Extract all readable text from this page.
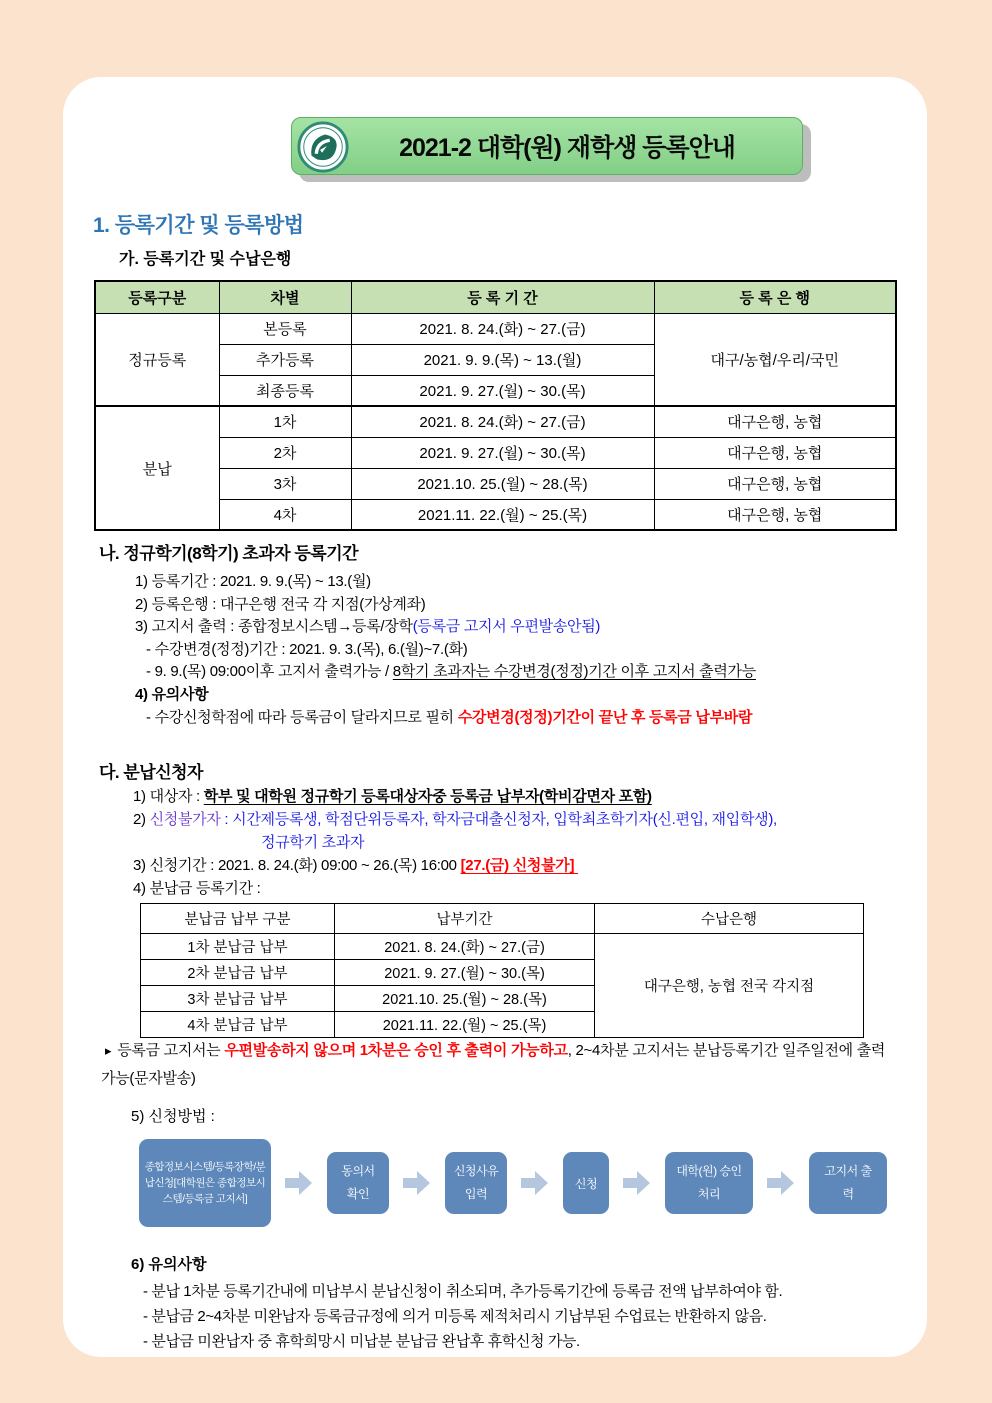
2021-2 대학(원) 재학생 등록안내
1. 등록기간 및 등록방법
가. 등록기간 및 수납은행
등록구분	차별	등 록 기 간	등 록 은 행
정규등록	본등록	2021. 8. 24.(화) ~ 27.(금)	대구/농협/우리/국민
	추가등록	2021. 9. 9.(목) ~ 13.(월)	
	최종등록	2021. 9. 27.(월) ~ 30.(목)	
분납	1차	2021. 8. 24.(화) ~ 27.(금)	대구은행, 농협
	2차	2021. 9. 27.(월) ~ 30.(목)	대구은행, 농협
	3차	2021.10. 25.(월) ~ 28.(목)	대구은행, 농협
	4차	2021.11. 22.(월) ~ 25.(목)	대구은행, 농협
나. 정규학기(8학기) 초과자 등록기간
1) 등록기간 : 2021. 9. 9.(목) ~ 13.(월)
2) 등록은행 : 대구은행 전국 각 지점(가상계좌)
3) 고지서 출력 : 종합정보시스템→등록/장학(등록금 고지서 우편발송안됨)
- 수강변경(정정)기간 : 2021. 9. 3.(목), 6.(월)~7.(화)
- 9. 9.(목) 09:00이후 고지서 출력가능 / 8학기 초과자는 수강변경(정정)기간 이후 고지서 출력가능
4) 유의사항
- 수강신청학점에 따라 등록금이 달라지므로 필히 수강변경(정정)기간이 끝난 후 등록금 납부바람
다. 분납신청자
1) 대상자 : 학부 및 대학원 정규학기 등록대상자중 등록금 납부자(학비감면자 포함)
2) 신청불가자 : 시간제등록생, 학점단위등록자, 학자금대출신청자, 입학최초학기자(신.편입, 재입학생),
정규학기 초과자
3) 신청기간 : 2021. 8. 24.(화) 09:00 ~ 26.(목) 16:00 [27.(금) 신청불가]
4) 분납금 등록기간 :
분납금 납부 구분	납부기간	수납은행
1차 분납금 납부	2021. 8. 24.(화) ~ 27.(금)	대구은행, 농협 전국 각지점
2차 분납금 납부	2021. 9. 27.(월) ~ 30.(목)	
3차 분납금 납부	2021.10. 25.(월) ~ 28.(목)	
4차 분납금 납부	2021.11. 22.(월) ~ 25.(목)	
▸ 등록금 고지서는 우편발송하지 않으며 1차분은 승인 후 출력이 가능하고, 2~4차분 고지서는 분납등록기간 일주일전에 출력 가능(문자발송)
5) 신청방법 :
종합정보시스템/등록장학/분납신청[대학원은 종합정보시스템/등록금 고지서]
동의서 확인
신청사유 입력
신청
대학(원) 승인처리
고지서 출력
6) 유의사항
- 분납 1차분 등록기간내에 미납부시 분납신청이 취소되며, 추가등록기간에 등록금 전액 납부하여야 함.
- 분납금 2~4차분 미완납자 등록금규정에 의거 미등록 제적처리시 기납부된 수업료는 반환하지 않음.
- 분납금 미완납자 중 휴학희망시 미납분 분납금 완납후 휴학신청 가능.
